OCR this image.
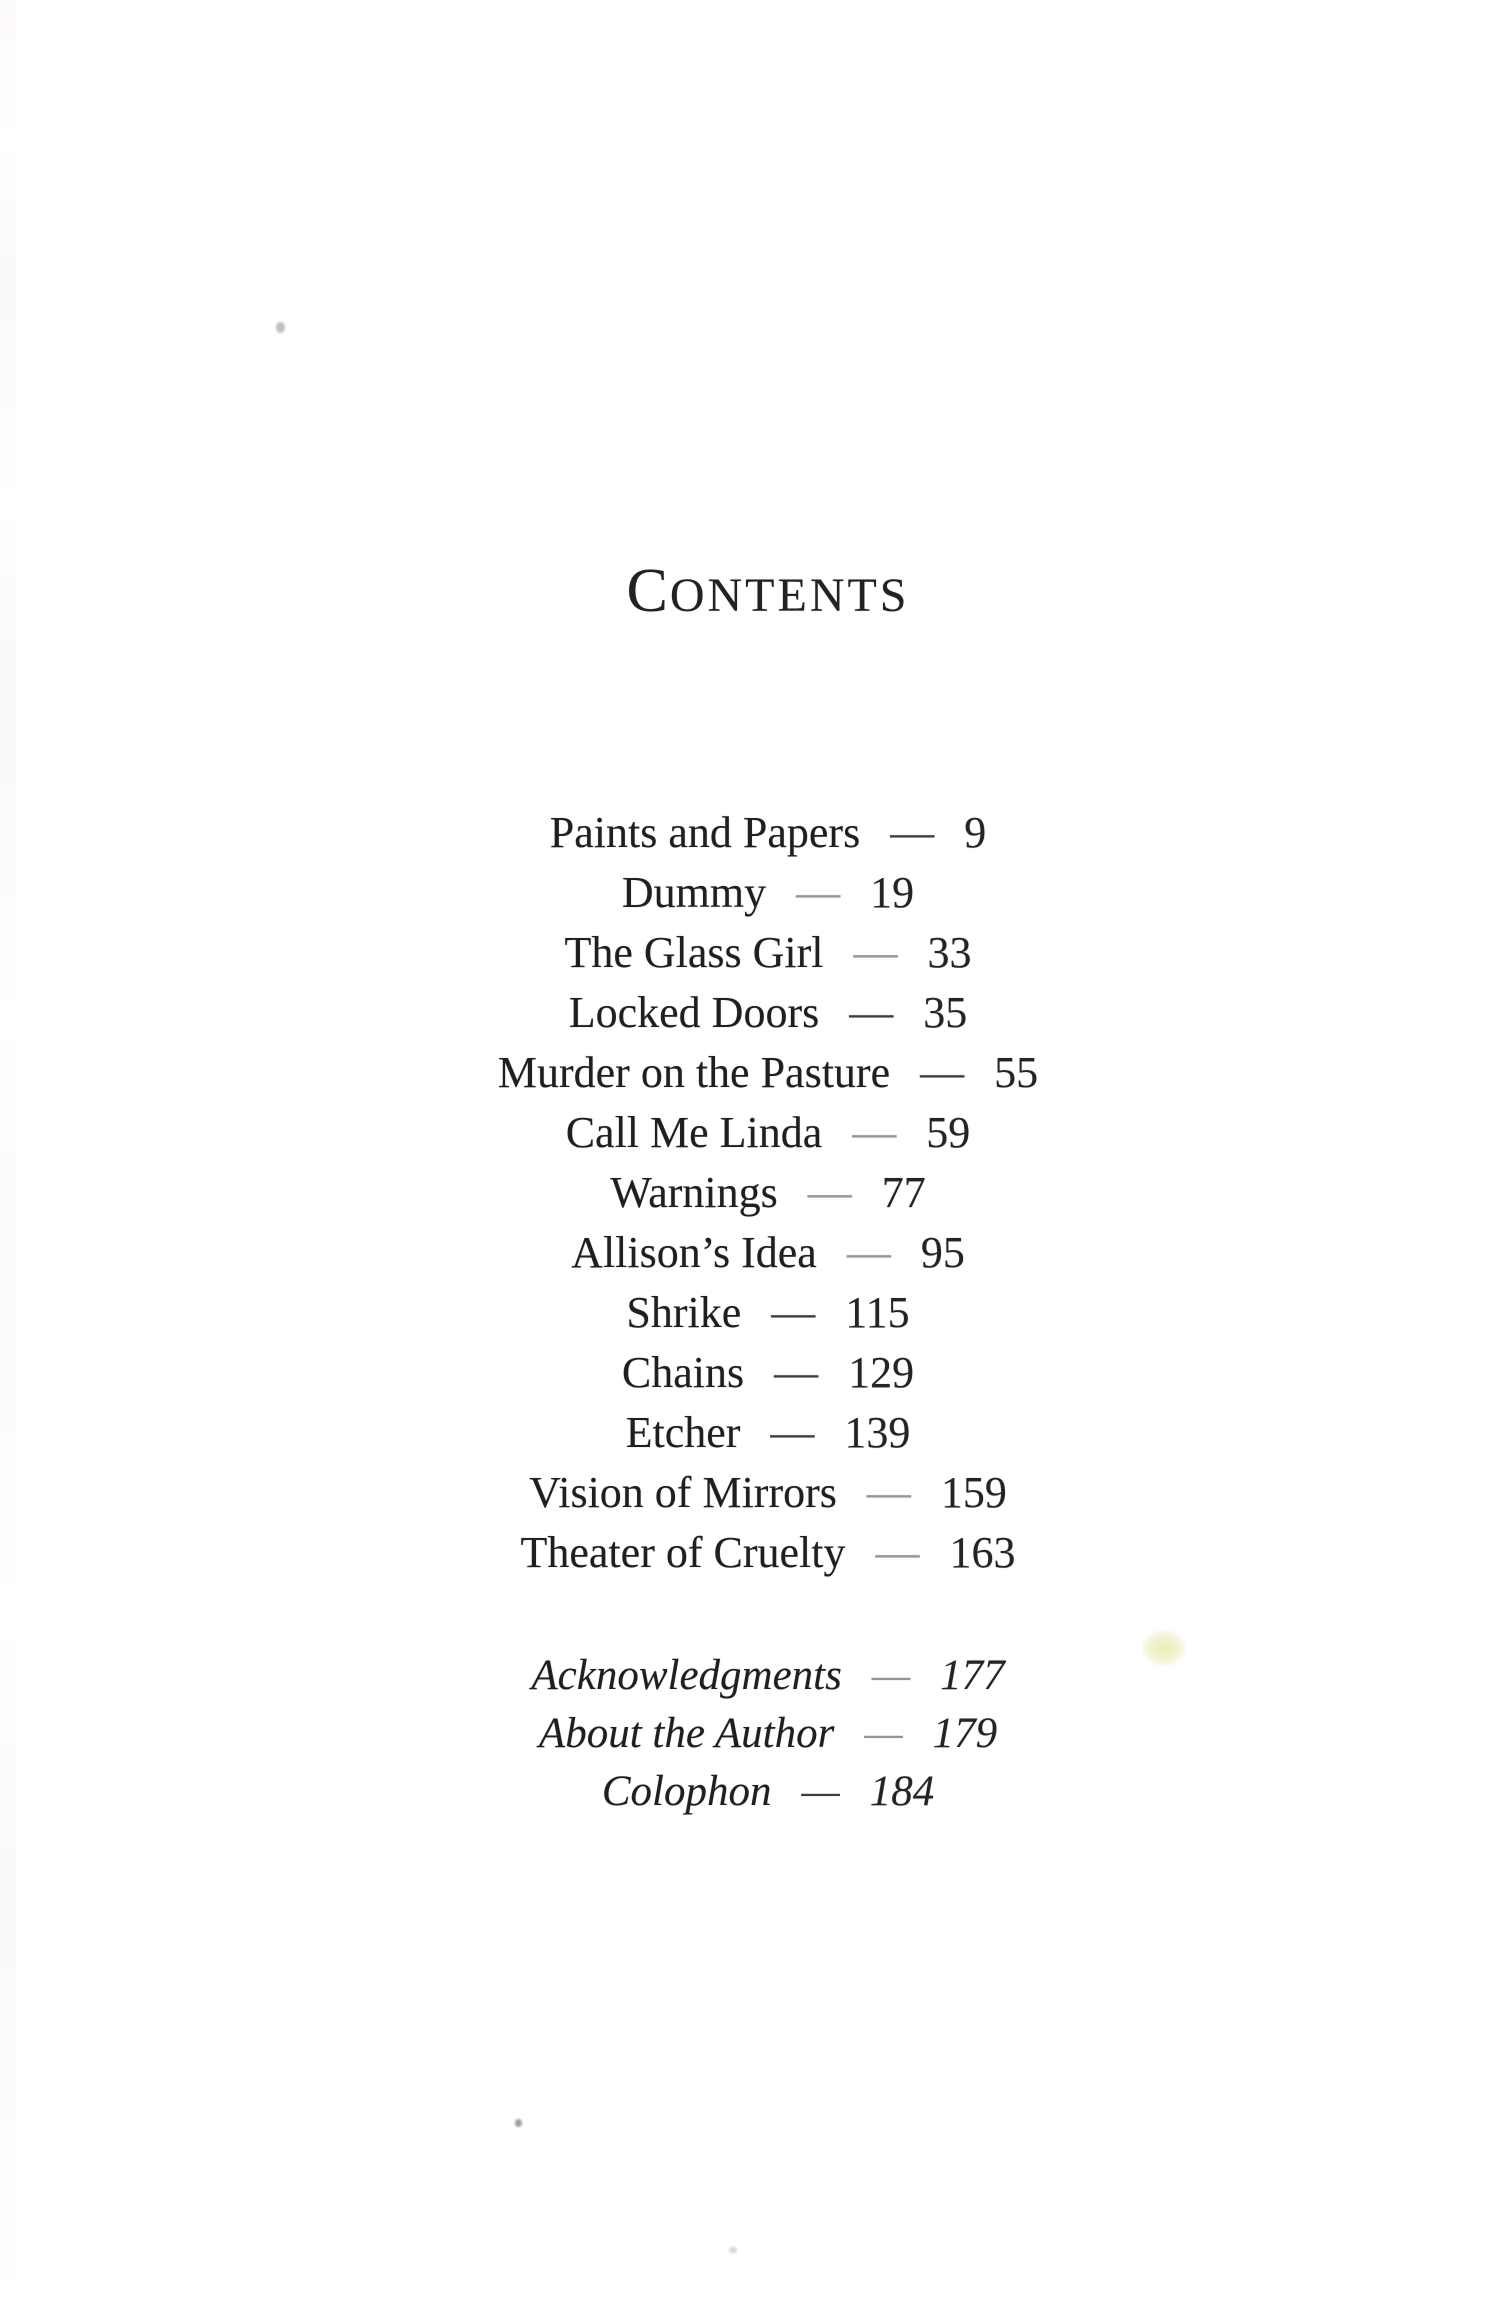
CONTENTS
Paints and Papers — 9
Dummy — 19
The Glass Girl — 33
Locked Doors — 35
Murder on the Pasture — 55
Call Me Linda — 59
Warnings — 77
Allison’s Idea — 95
Shrike — 115
Chains — 129
Etcher — 139
Vision of Mirrors — 159
Theater of Cruelty — 163
Acknowledgments — 177
About the Author — 179
Colophon — 184
